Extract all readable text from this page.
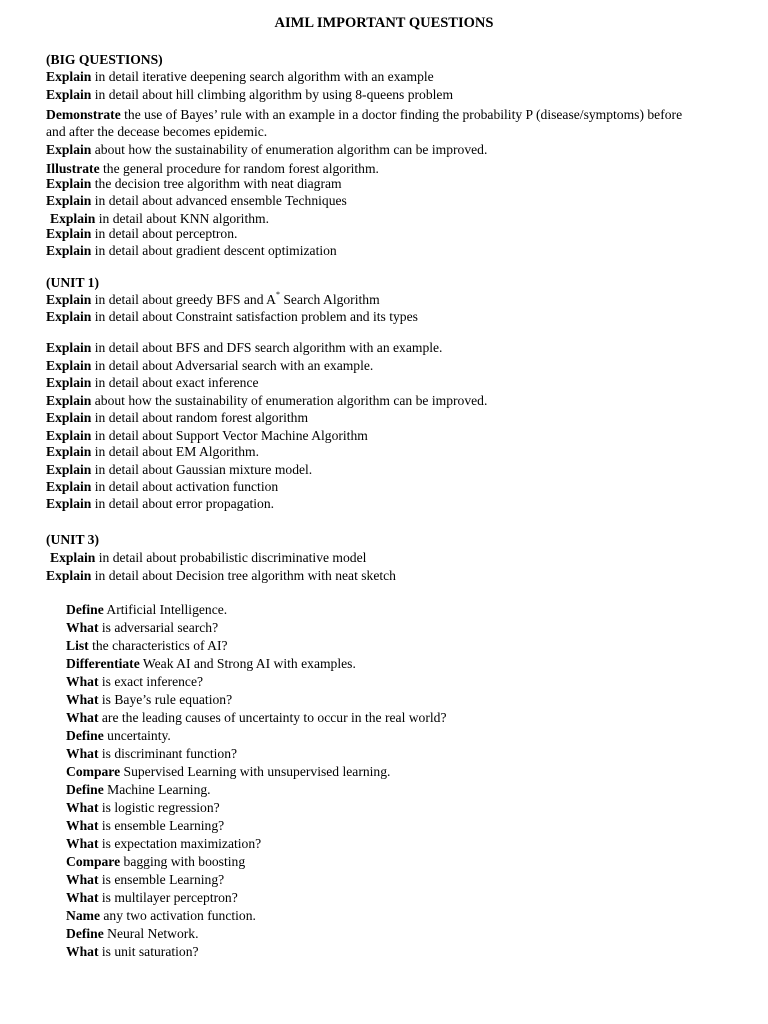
AIML IMPORTANT QUESTIONS
(BIG QUESTIONS)
Explain in detail iterative deepening search algorithm with an example
Explain in detail about hill climbing algorithm by using 8-queens problem
Demonstrate the use of Bayes’ rule with an example in a doctor finding the probability P (disease/symptoms) before and after the decease becomes epidemic.
Explain about how the sustainability of enumeration algorithm can be improved.
Illustrate the general procedure for random forest algorithm.
Explain the decision tree algorithm with neat diagram
Explain in detail about advanced ensemble Techniques
Explain in detail about KNN algorithm.
Explain in detail about perceptron.
Explain in detail about gradient descent optimization
(UNIT 1)
Explain in detail about greedy BFS and A* Search Algorithm
Explain in detail about Constraint satisfaction problem and its types
Explain in detail about BFS and DFS search algorithm with an example.
Explain in detail about Adversarial search with an example.
Explain in detail about exact inference
Explain about how the sustainability of enumeration algorithm can be improved.
Explain in detail about random forest algorithm
Explain in detail about Support Vector Machine Algorithm
Explain in detail about EM Algorithm.
Explain in detail about Gaussian mixture model.
Explain in detail about activation function
Explain in detail about error propagation.
(UNIT 3)
Explain in detail about probabilistic discriminative model
Explain in detail about Decision tree algorithm with neat sketch
Define Artificial Intelligence.
What is adversarial search?
List the characteristics of AI?
Differentiate Weak AI and Strong AI with examples.
What is exact inference?
What is Baye’s rule equation?
What are the leading causes of uncertainty to occur in the real world?
Define uncertainty.
What is discriminant function?
Compare Supervised Learning with unsupervised learning.
Define Machine Learning.
What is logistic regression?
What is ensemble Learning?
What is expectation maximization?
Compare bagging with boosting
What is ensemble Learning?
What is multilayer perceptron?
Name any two activation function.
Define Neural Network.
What is unit saturation?
